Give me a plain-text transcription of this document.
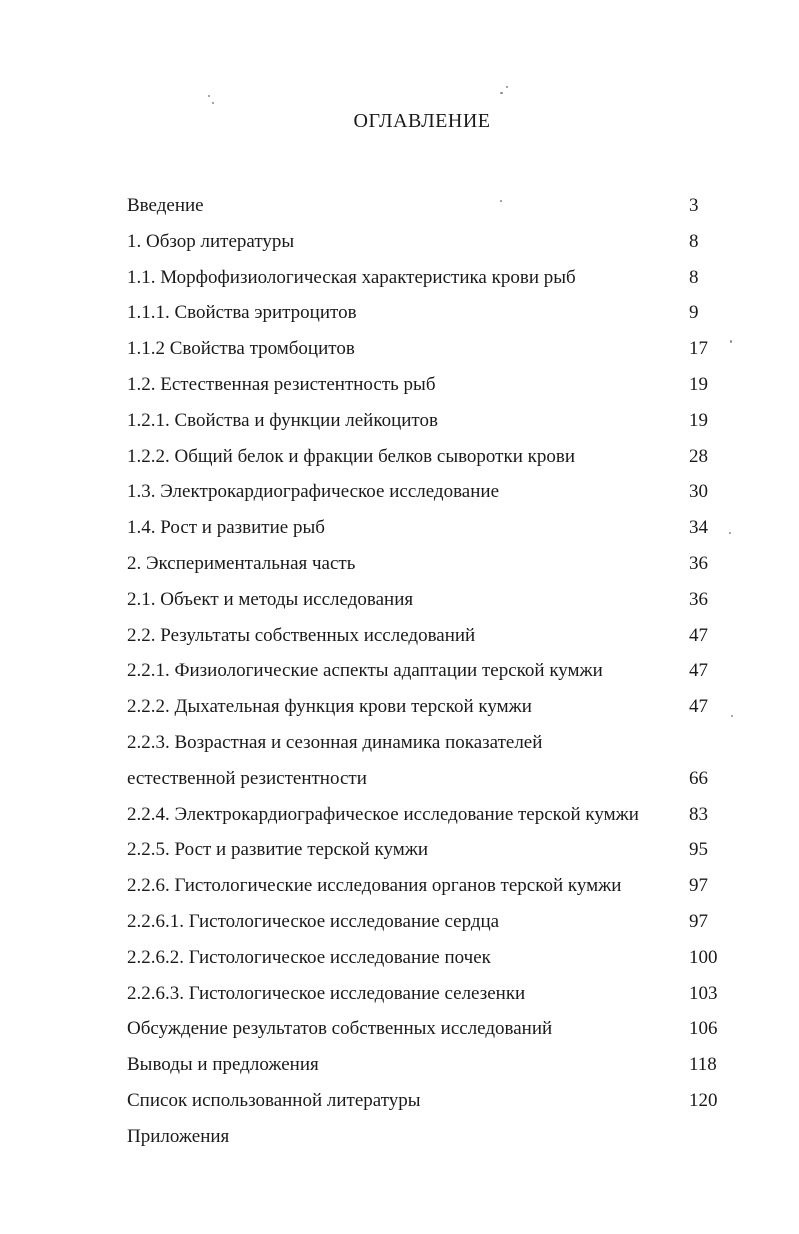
ОГЛАВЛЕНИЕ
Введение	3
1. Обзор литературы	8
1.1. Морфофизиологическая характеристика крови рыб	8
1.1.1. Свойства эритроцитов	9
1.1.2 Свойства тромбоцитов	17
1.2. Естественная резистентность рыб	19
1.2.1. Свойства и функции лейкоцитов	19
1.2.2. Общий белок и фракции белков сыворотки крови	28
1.3. Электрокардиографическое исследование	30
1.4. Рост и развитие рыб	34
2. Экспериментальная часть	36
2.1. Объект и методы исследования	36
2.2. Результаты собственных исследований	47
2.2.1. Физиологические аспекты адаптации терской кумжи	47
2.2.2. Дыхательная функция крови терской кумжи	47
2.2.3. Возрастная и сезонная динамика показателей
естественной резистентности	66
2.2.4. Электрокардиографическое исследование терской кумжи	83
2.2.5. Рост и развитие терской кумжи	95
2.2.6. Гистологические исследования органов терской кумжи	97
2.2.6.1. Гистологическое исследование сердца	97
2.2.6.2. Гистологическое исследование почек	100
2.2.6.3. Гистологическое исследование селезенки	103
Обсуждение результатов собственных исследований	106
Выводы и предложения	118
Список использованной литературы	120
Приложения
